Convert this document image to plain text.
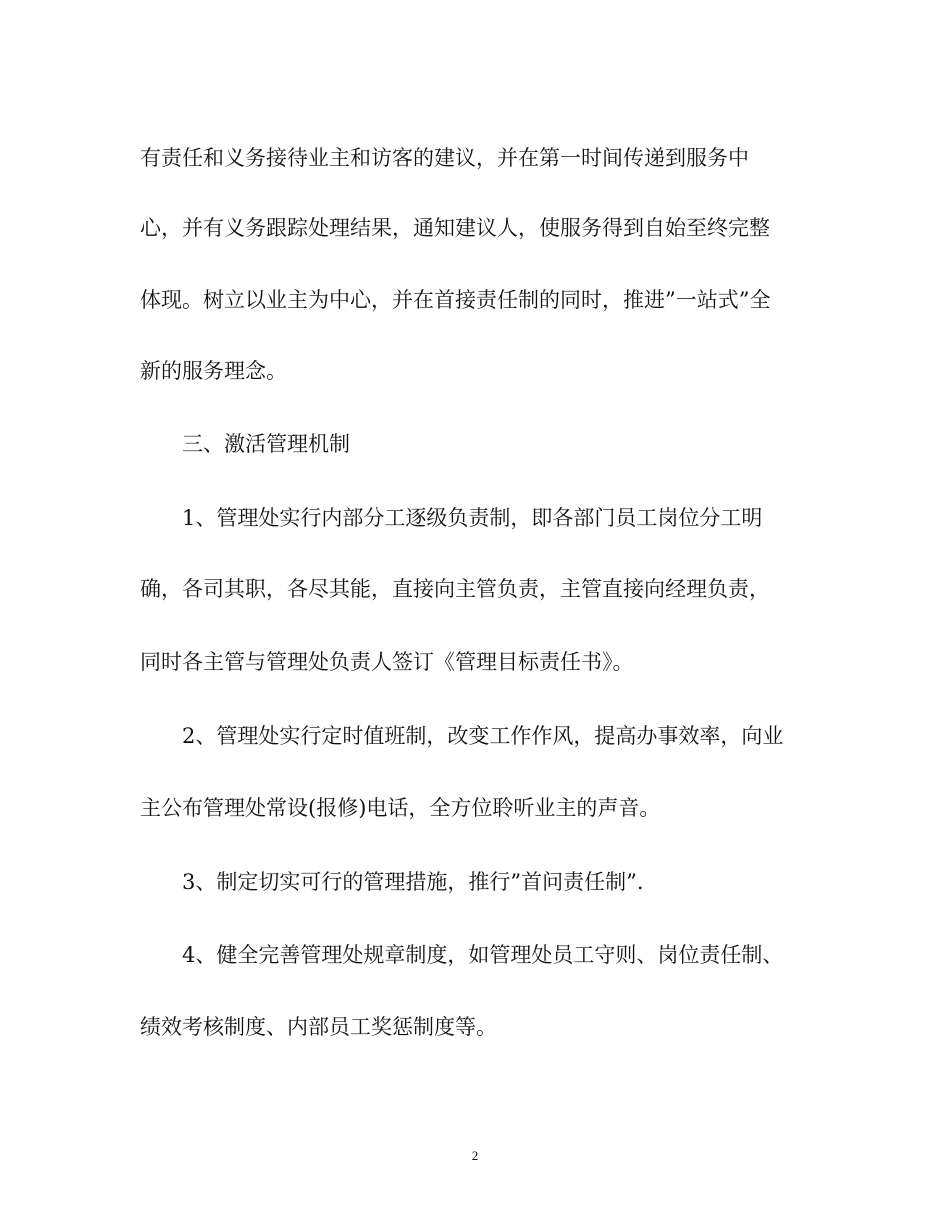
有责任和义务接待业主和访客的建议，并在第一时间传递到服务中
心，并有义务跟踪处理结果，通知建议人，使服务得到自始至终完整
体现。树立以业主为中心，并在首接责任制的同时，推进”一站式”全
新的服务理念。
三、激活管理机制
1、管理处实行内部分工逐级负责制，即各部门员工岗位分工明
确，各司其职，各尽其能，直接向主管负责，主管直接向经理负责，
同时各主管与管理处负责人签订《管理目标责任书》。
2、管理处实行定时值班制，改变工作作风，提高办事效率，向业
主公布管理处常设(报修)电话，全方位聆听业主的声音。
3、制定切实可行的管理措施，推行”首问责任制”.
4、健全完善管理处规章制度，如管理处员工守则、岗位责任制、
绩效考核制度、内部员工奖惩制度等。
2
